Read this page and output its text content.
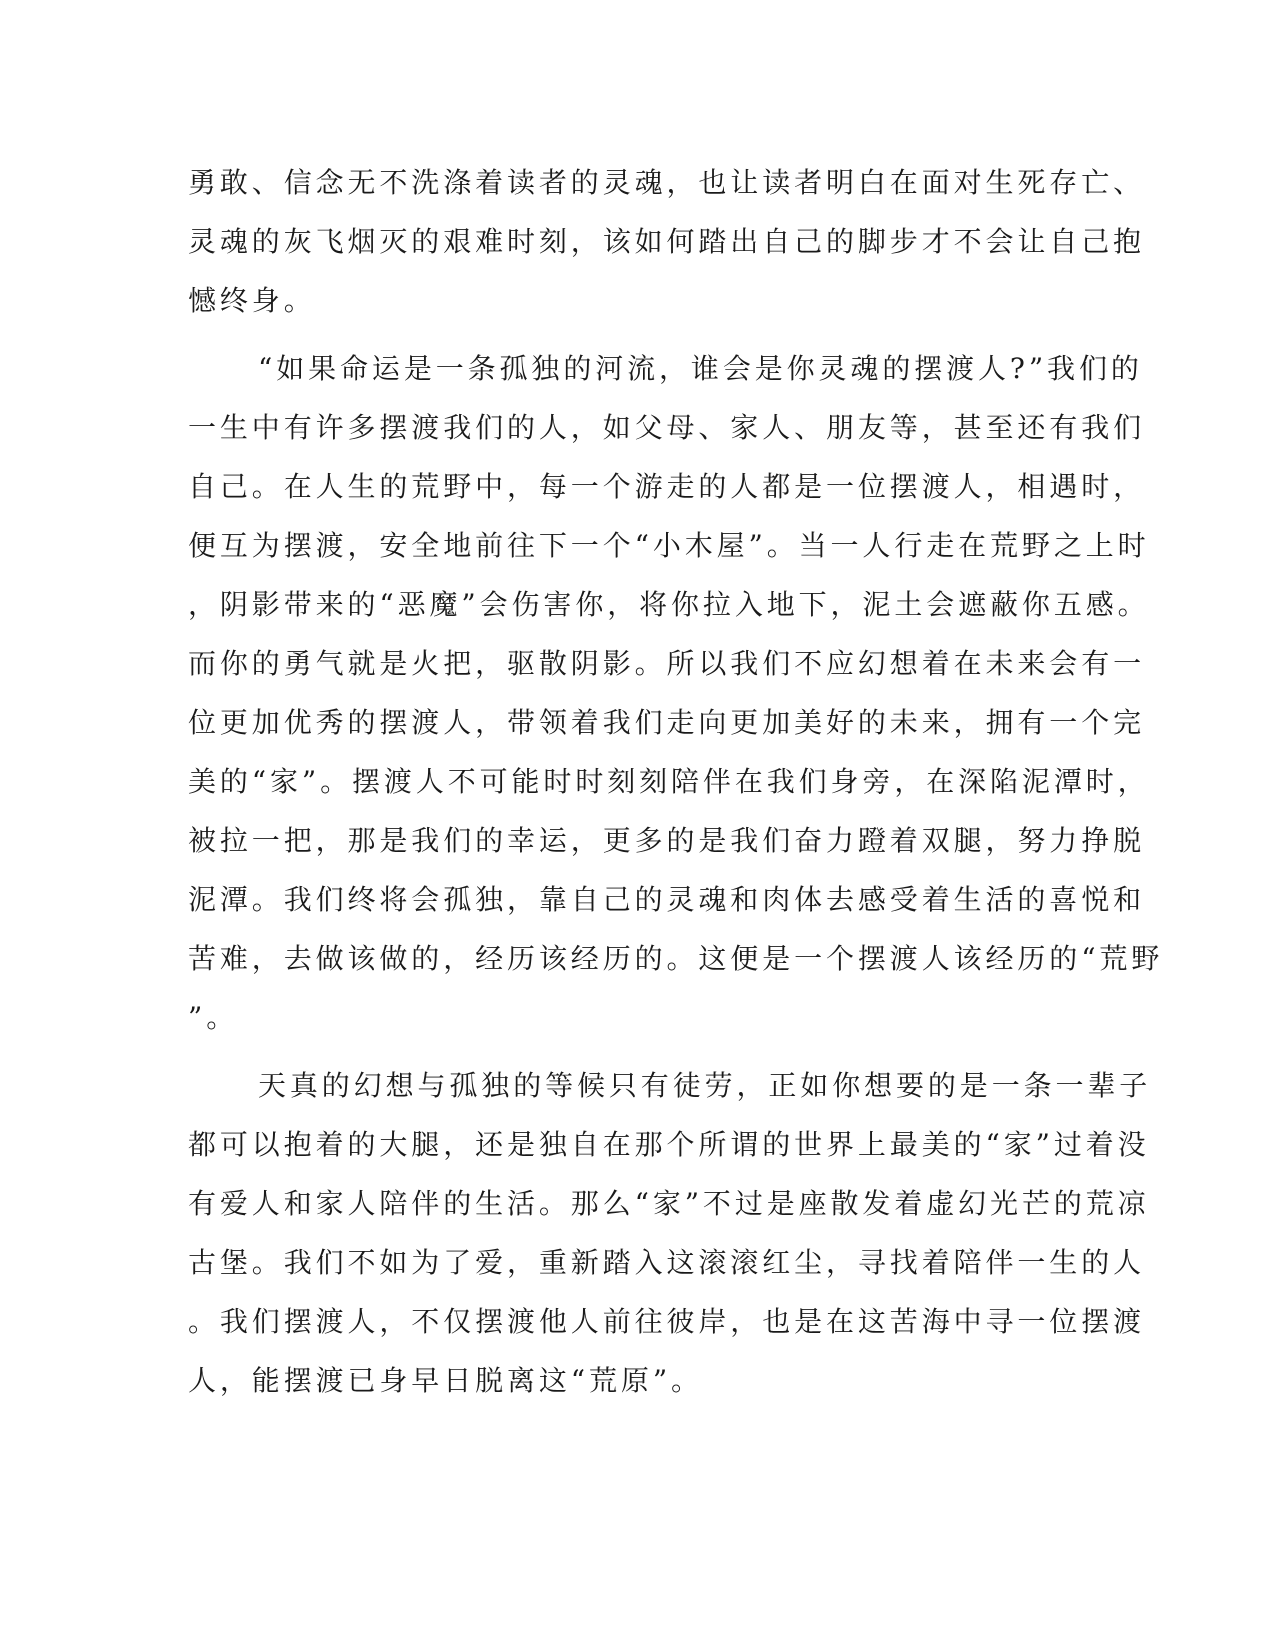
勇敢、信念无不洗涤着读者的灵魂，也让读者明白在面对生死存亡、
灵魂的灰飞烟灭的艰难时刻，该如何踏出自己的脚步才不会让自己抱
憾终身。
“如果命运是一条孤独的河流，谁会是你灵魂的摆渡人?”我们的
一生中有许多摆渡我们的人，如父母、家人、朋友等，甚至还有我们
自己。在人生的荒野中，每一个游走的人都是一位摆渡人，相遇时，
便互为摆渡，安全地前往下一个“小木屋”。当一人行走在荒野之上时
，阴影带来的“恶魔”会伤害你，将你拉入地下，泥土会遮蔽你五感。
而你的勇气就是火把，驱散阴影。所以我们不应幻想着在未来会有一
位更加优秀的摆渡人，带领着我们走向更加美好的未来，拥有一个完
美的“家”。摆渡人不可能时时刻刻陪伴在我们身旁，在深陷泥潭时，
被拉一把，那是我们的幸运，更多的是我们奋力蹬着双腿，努力挣脱
泥潭。我们终将会孤独，靠自己的灵魂和肉体去感受着生活的喜悦和
苦难，去做该做的，经历该经历的。这便是一个摆渡人该经历的“荒野
”。
天真的幻想与孤独的等候只有徒劳，正如你想要的是一条一辈子
都可以抱着的大腿，还是独自在那个所谓的世界上最美的“家”过着没
有爱人和家人陪伴的生活。那么“家”不过是座散发着虚幻光芒的荒凉
古堡。我们不如为了爱，重新踏入这滚滚红尘，寻找着陪伴一生的人
。我们摆渡人，不仅摆渡他人前往彼岸，也是在这苦海中寻一位摆渡
人，能摆渡已身早日脱离这“荒原”。
